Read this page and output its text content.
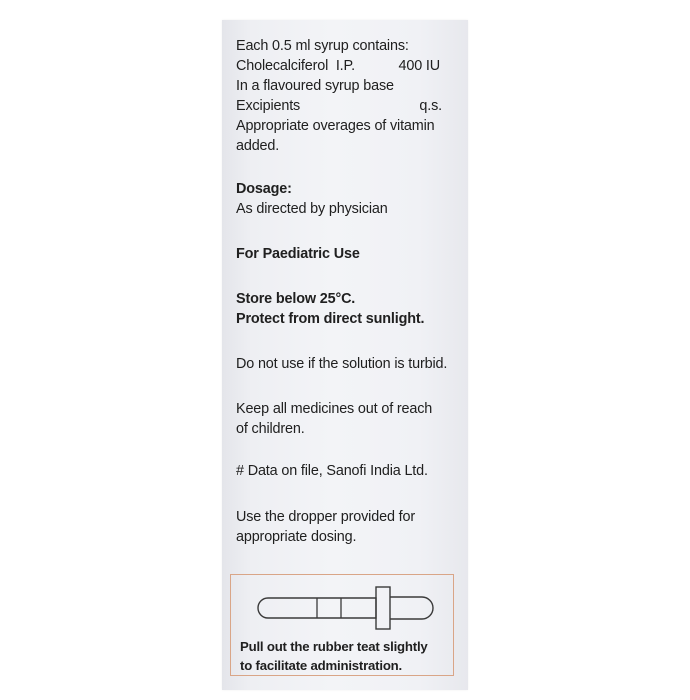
Each 0.5 ml syrup contains:
Cholecalciferol  I.P.	400 IU
In a flavoured syrup base
Excipients	q.s.
Appropriate overages of vitamin
added.
Dosage:
As directed by physician
For Paediatric Use
Store below 25°C.
Protect from direct sunlight.
Do not use if the solution is turbid.
Keep all medicines out of reach
of children.
# Data on file, Sanofi India Ltd.
Use the dropper provided for
appropriate dosing.
Pull out the rubber teat slightly
to facilitate administration.
